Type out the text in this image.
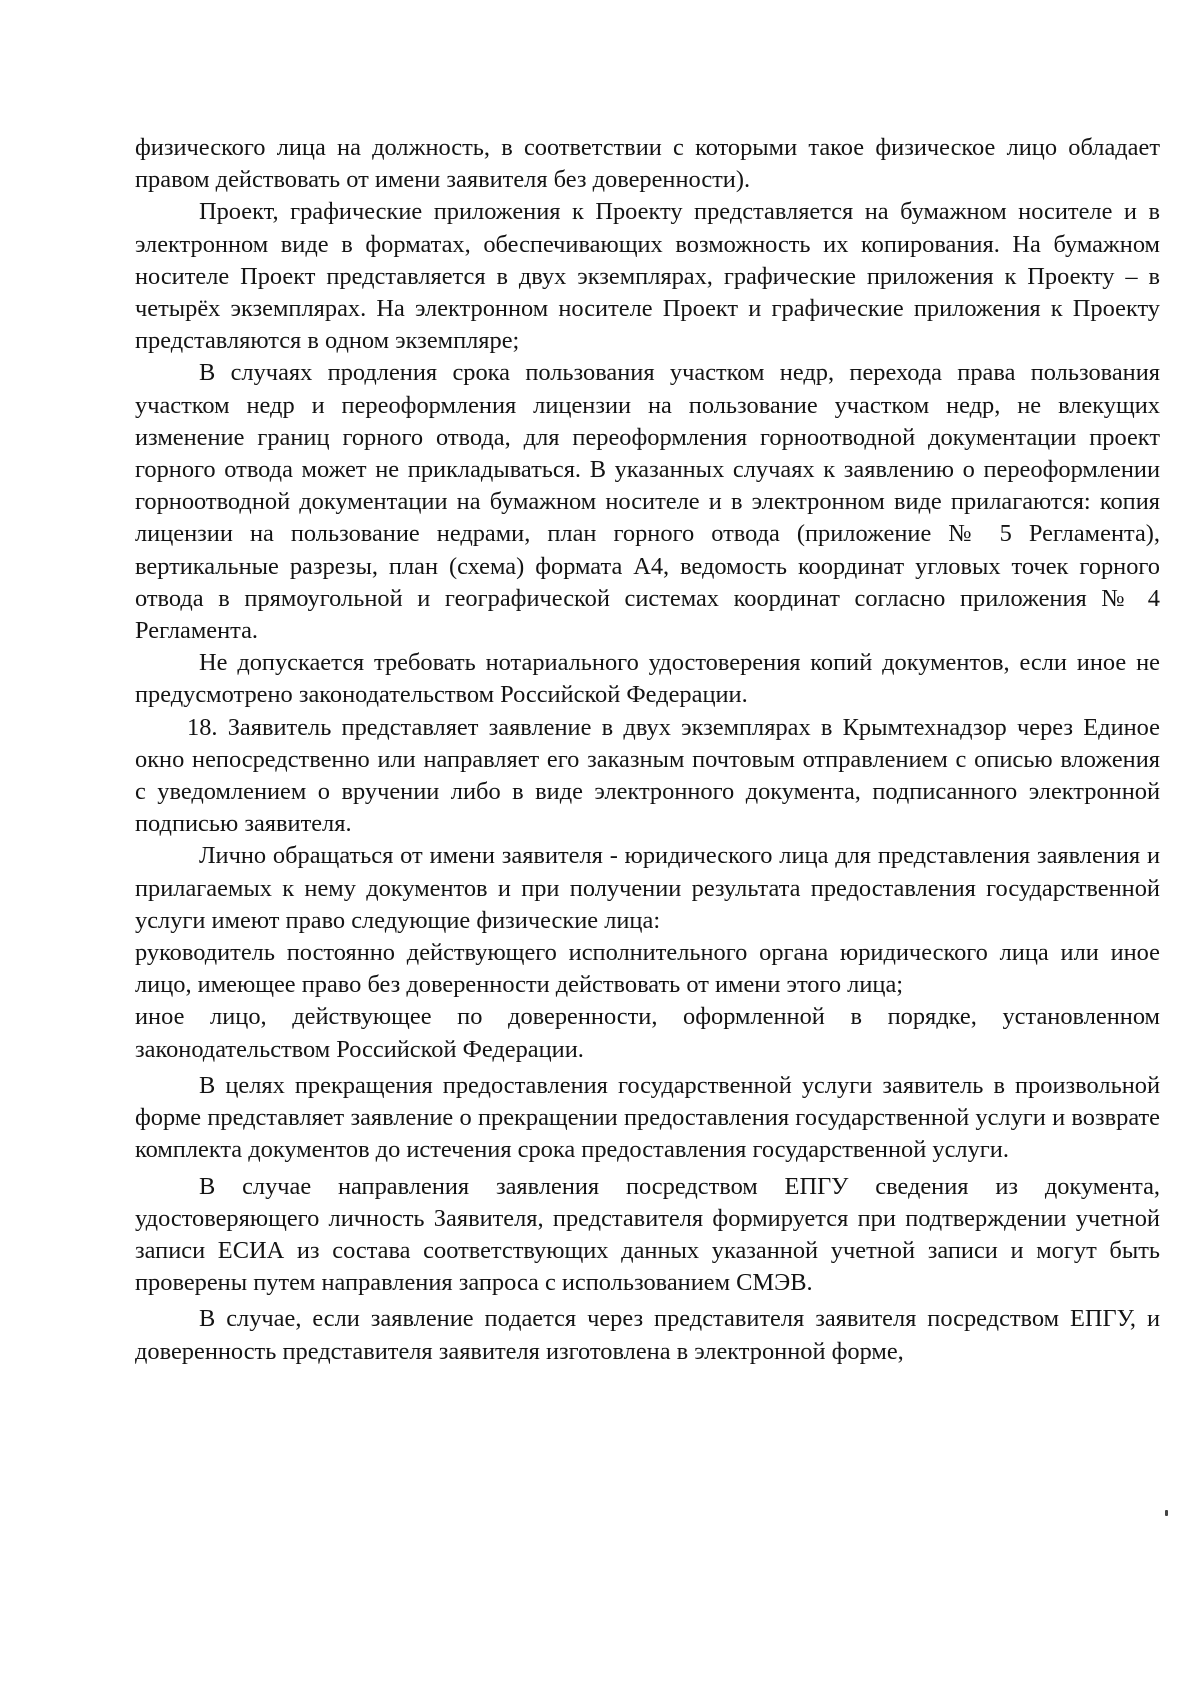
физического лица на должность, в соответствии с которыми такое физическое лицо обладает правом действовать от имени заявителя без доверенности).

Проект, графические приложения к Проекту представляется на бумажном носителе и в электронном виде в форматах, обеспечивающих возможность их копирования. На бумажном носителе Проект представляется в двух экземплярах, графические приложения к Проекту – в четырёх экземплярах. На электронном носителе Проект и графические приложения к Проекту представляются в одном экземпляре;

В случаях продления срока пользования участком недр, перехода права пользования участком недр и переоформления лицензии на пользование участком недр, не влекущих изменение границ горного отвода, для переоформления горноотводной документации проект горного отвода может не прикладываться. В указанных случаях к заявлению о переоформлении горноотводной документации на бумажном носителе и в электронном виде прилагаются: копия лицензии на пользование недрами, план горного отвода (приложение № 5 Регламента), вертикальные разрезы, план (схема) формата А4, ведомость координат угловых точек горного отвода в прямоугольной и географической системах координат согласно приложения № 4 Регламента.

Не допускается требовать нотариального удостоверения копий документов, если иное не предусмотрено законодательством Российской Федерации.

18. Заявитель представляет заявление в двух экземплярах в Крымтехнадзор через Единое окно непосредственно или направляет его заказным почтовым отправлением с описью вложения с уведомлением о вручении либо в виде электронного документа, подписанного электронной подписью заявителя.

Лично обращаться от имени заявителя - юридического лица для представления заявления и прилагаемых к нему документов и при получении результата предоставления государственной услуги имеют право следующие физические лица:

руководитель постоянно действующего исполнительного органа юридического лица или иное лицо, имеющее право без доверенности действовать от имени этого лица;

иное лицо, действующее по доверенности, оформленной в порядке, установленном законодательством Российской Федерации.

В целях прекращения предоставления государственной услуги заявитель в произвольной форме представляет заявление о прекращении предоставления государственной услуги и возврате комплекта документов до истечения срока предоставления государственной услуги.

В случае направления заявления посредством ЕПГУ сведения из документа, удостоверяющего личность Заявителя, представителя формируется при подтверждении учетной записи ЕСИА из состава соответствующих данных указанной учетной записи и могут быть проверены путем направления запроса с использованием СМЭВ.

В случае, если заявление подается через представителя заявителя посредством ЕПГУ, и доверенность представителя заявителя изготовлена в электронной форме,
